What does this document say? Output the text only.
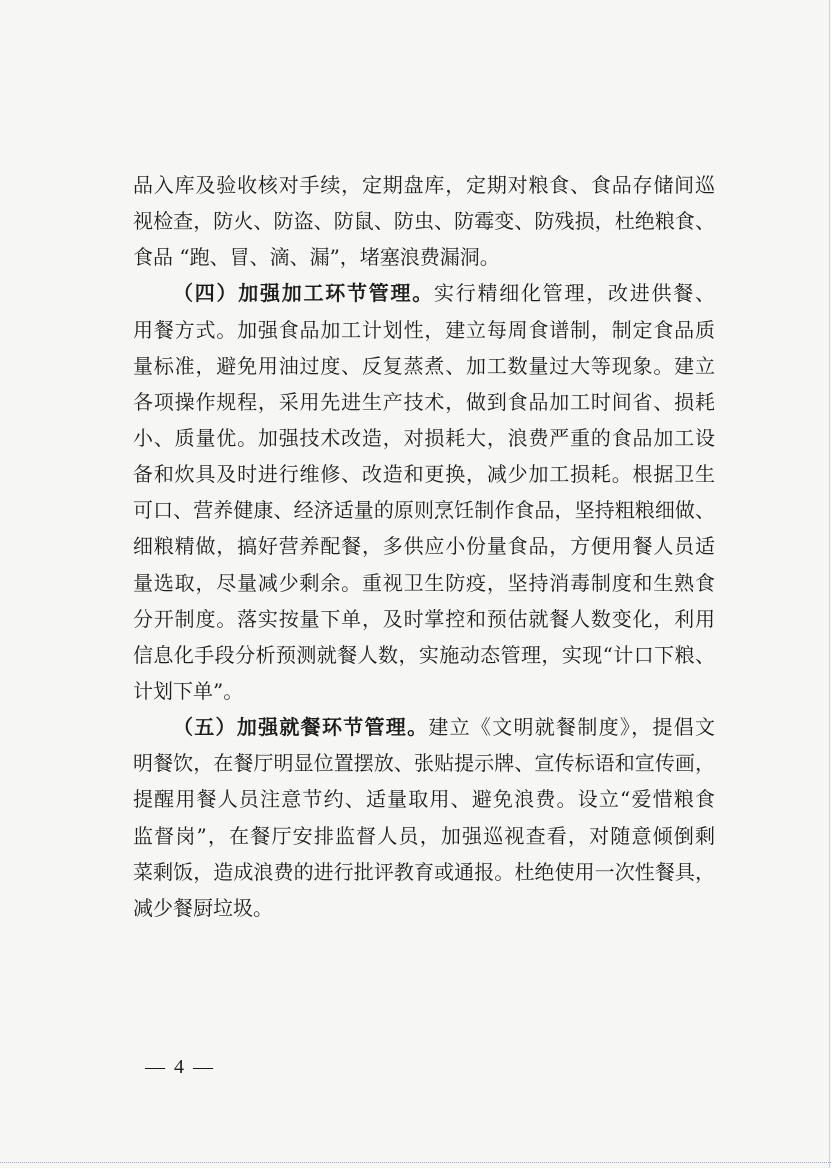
品入库及验收核对手续，定期盘库，定期对粮食、食品存储间巡
视检查，防火、防盗、防鼠、防虫、防霉变、防残损，杜绝粮食、
食品 “跑、冒、滴、漏”，堵塞浪费漏洞。
（四）加强加工环节管理。实行精细化管理，改进供餐、
用餐方式。加强食品加工计划性，建立每周食谱制，制定食品质
量标准，避免用油过度、反复蒸煮、加工数量过大等现象。建立
各项操作规程，采用先进生产技术，做到食品加工时间省、损耗
小、质量优。加强技术改造，对损耗大，浪费严重的食品加工设
备和炊具及时进行维修、改造和更换，减少加工损耗。根据卫生
可口、营养健康、经济适量的原则烹饪制作食品，坚持粗粮细做、
细粮精做，搞好营养配餐，多供应小份量食品，方便用餐人员适
量选取，尽量减少剩余。重视卫生防疫，坚持消毒制度和生熟食
分开制度。落实按量下单，及时掌控和预估就餐人数变化，利用
信息化手段分析预测就餐人数，实施动态管理，实现“计口下粮、
计划下单”。
（五）加强就餐环节管理。建立《文明就餐制度》，提倡文
明餐饮，在餐厅明显位置摆放、张贴提示牌、宣传标语和宣传画，
提醒用餐人员注意节约、适量取用、避免浪费。设立“爱惜粮食
监督岗”，在餐厅安排监督人员，加强巡视查看，对随意倾倒剩
菜剩饭，造成浪费的进行批评教育或通报。杜绝使用一次性餐具，
减少餐厨垃圾。
— 4 —
